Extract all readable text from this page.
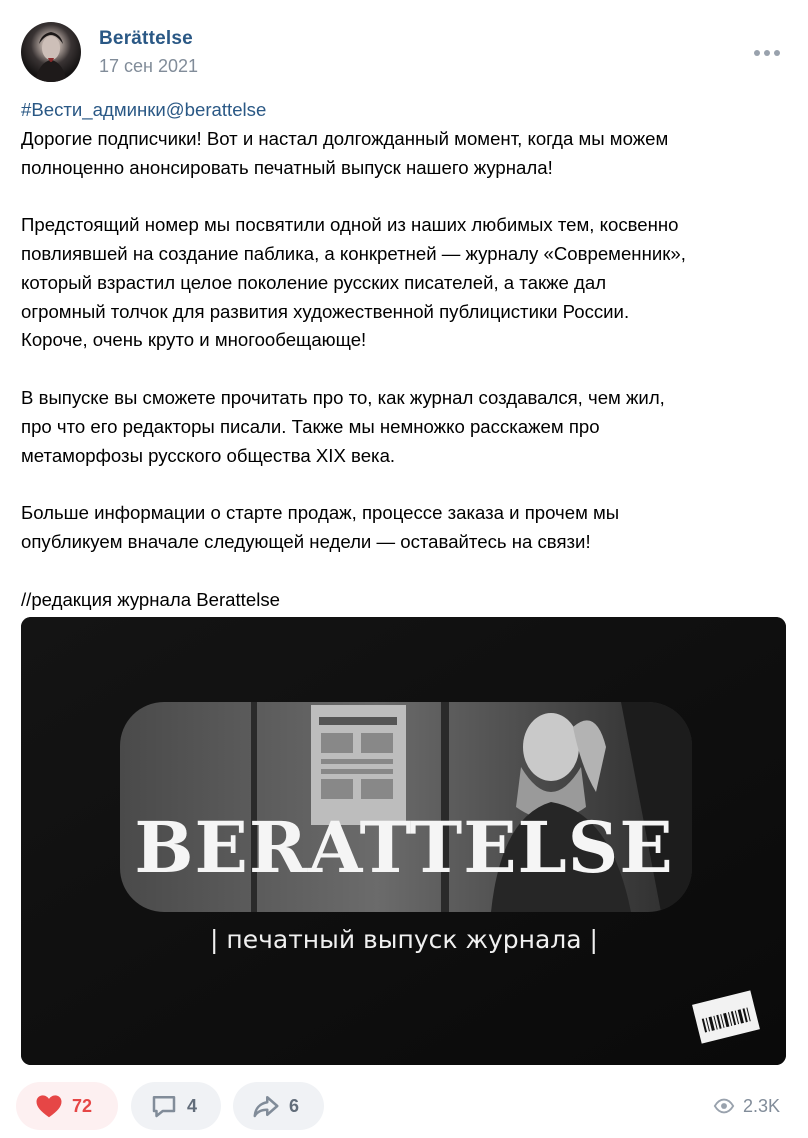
Berättelse
17 сен 2021

#Вести_админки@berattelse

Дорогие подписчики! Вот и настал долгожданный момент, когда мы можем

полноценно анонсировать печатный выпуск нашего журнала!

Предстоящий номер мы посвятили одной из наших любимых тем, косвенно

повлиявшей на создание паблика, а конкретней — журналу «Современник»,

который взрастил целое поколение русских писателей, а также дал

огромный толчок для развития художественной публицистики России.

Короче, очень круто и многообещающе!

В выпуске вы сможете прочитать про то, как журнал создавался, чем жил,

про что его редакторы писали. Также мы немножко расскажем про

метаморфозы русского общества XIX века.

Больше информации о старте продаж, процессе заказа и прочем мы

опубликуем вначале следующей недели — оставайтесь на связи!

//редакция журнала Berattelse

BERATTELSE
| печатный выпуск журнала |
72	4	6	2.3K
